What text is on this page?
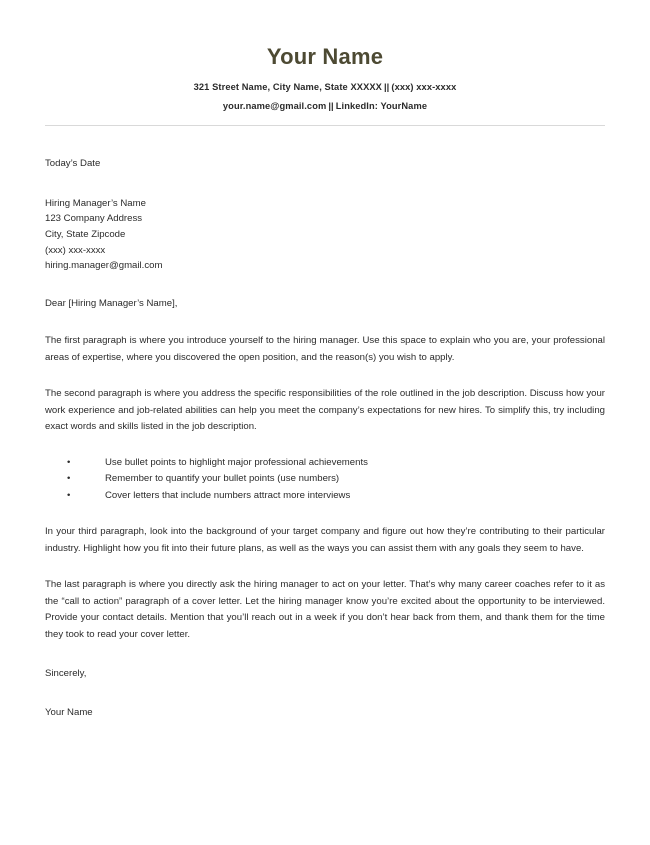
Your Name
321 Street Name, City Name, State XXXXX || (xxx) xxx-xxxx
your.name@gmail.com || LinkedIn: YourName

Today’s Date

Hiring Manager’s Name

123 Company Address

City, State Zipcode

(xxx) xxx-xxxx

hiring.manager@gmail.com

Dear [Hiring Manager’s Name],

The first paragraph is where you introduce yourself to the hiring manager. Use this space to explain who you are, your professional areas of expertise, where you discovered the open position, and the reason(s) you wish to apply.

The second paragraph is where you address the specific responsibilities of the role outlined in the job description. Discuss how your work experience and job-related abilities can help you meet the company’s expectations for new hires. To simplify this, try including exact words and skills listed in the job description.

•	Use bullet points to highlight major professional achievements
•	Remember to quantify your bullet points (use numbers)
•	Cover letters that include numbers attract more interviews

In your third paragraph, look into the background of your target company and figure out how they’re contributing to their particular industry. Highlight how you fit into their future plans, as well as the ways you can assist them with any goals they seem to have.

The last paragraph is where you directly ask the hiring manager to act on your letter. That’s why many career coaches refer to it as the “call to action” paragraph of a cover letter. Let the hiring manager know you’re excited about the opportunity to be interviewed. Provide your contact details. Mention that you’ll reach out in a week if you don’t hear back from them, and thank them for the time they took to read your cover letter.

Sincerely,

Your Name
